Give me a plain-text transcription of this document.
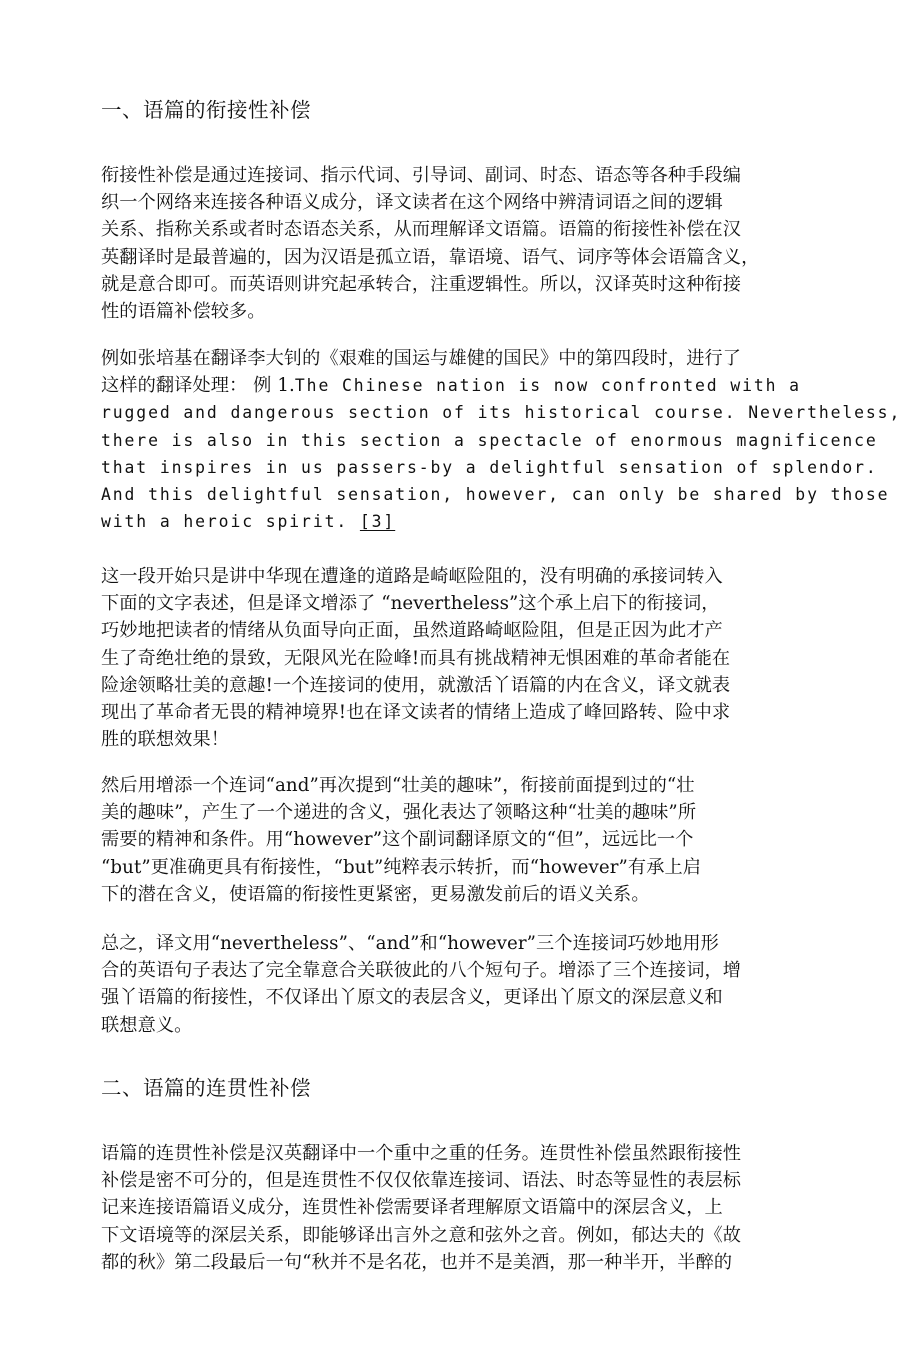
一、语篇的衔接性补偿
衔接性补偿是通过连接词、指示代词、引导词、副词、时态、语态等各种手段编
织一个网络来连接各种语义成分，译文读者在这个网络中辨清词语之间的逻辑
关系、指称关系或者时态语态关系，从而理解译文语篇。语篇的衔接性补偿在汉
英翻译时是最普遍的，因为汉语是孤立语，靠语境、语气、词序等体会语篇含义，
就是意合即可。而英语则讲究起承转合，注重逻辑性。所以，汉译英时这种衔接
性的语篇补偿较多。
例如张培基在翻译李大钊的《艰难的国运与雄健的国民》中的第四段时，进行了
这样的翻译处理： 例 1.The Chinese nation is now confronted with a
rugged and dangerous section of its historical course. Nevertheless,
there is also in this section a spectacle of enormous magnificence
that inspires in us passers-by a delightful sensation of splendor.
And this delightful sensation, however, can only be shared by those
with a heroic spirit. [3]
这一段开始只是讲中华现在遭逢的道路是崎岖险阻的，没有明确的承接词转入
下面的文字表述，但是译文增添了 “nevertheless”这个承上启下的衔接词，
巧妙地把读者的情绪从负面导向正面，虽然道路崎岖险阻，但是正因为此才产
生了奇绝壮绝的景致，无限风光在险峰!而具有挑战精神无惧困难的革命者能在
险途领略壮美的意趣!一个连接词的使用，就激活丫语篇的内在含义，译文就表
现出了革命者无畏的精神境界!也在译文读者的情绪上造成了峰回路转、险中求
胜的联想效果！
然后用增添一个连词“and”再次提到“壮美的趣味”，衔接前面提到过的“壮
美的趣味”，产生了一个递进的含义，强化表达了领略这种“壮美的趣味”所
需要的精神和条件。用“however”这个副词翻译原文的“但”，远远比一个
“but”更准确更具有衔接性，“but”纯粹表示转折，而“however”有承上启
下的潜在含义，使语篇的衔接性更紧密，更易激发前后的语义关系。
总之，译文用“nevertheless”、“and”和“however”三个连接词巧妙地用形
合的英语句子表达了完全靠意合关联彼此的八个短句子。增添了三个连接词，增
强丫语篇的衔接性，不仅译出丫原文的表层含义，更译出丫原文的深层意义和
联想意义。
二、语篇的连贯性补偿
语篇的连贯性补偿是汉英翻译中一个重中之重的任务。连贯性补偿虽然跟衔接性
补偿是密不可分的，但是连贯性不仅仅依靠连接词、语法、时态等显性的表层标
记来连接语篇语义成分，连贯性补偿需要译者理解原文语篇中的深层含义，上
下文语境等的深层关系，即能够译出言外之意和弦外之音。例如，郁达夫的《故
都的秋》第二段最后一句“秋并不是名花，也并不是美酒，那一种半开，半醉的
